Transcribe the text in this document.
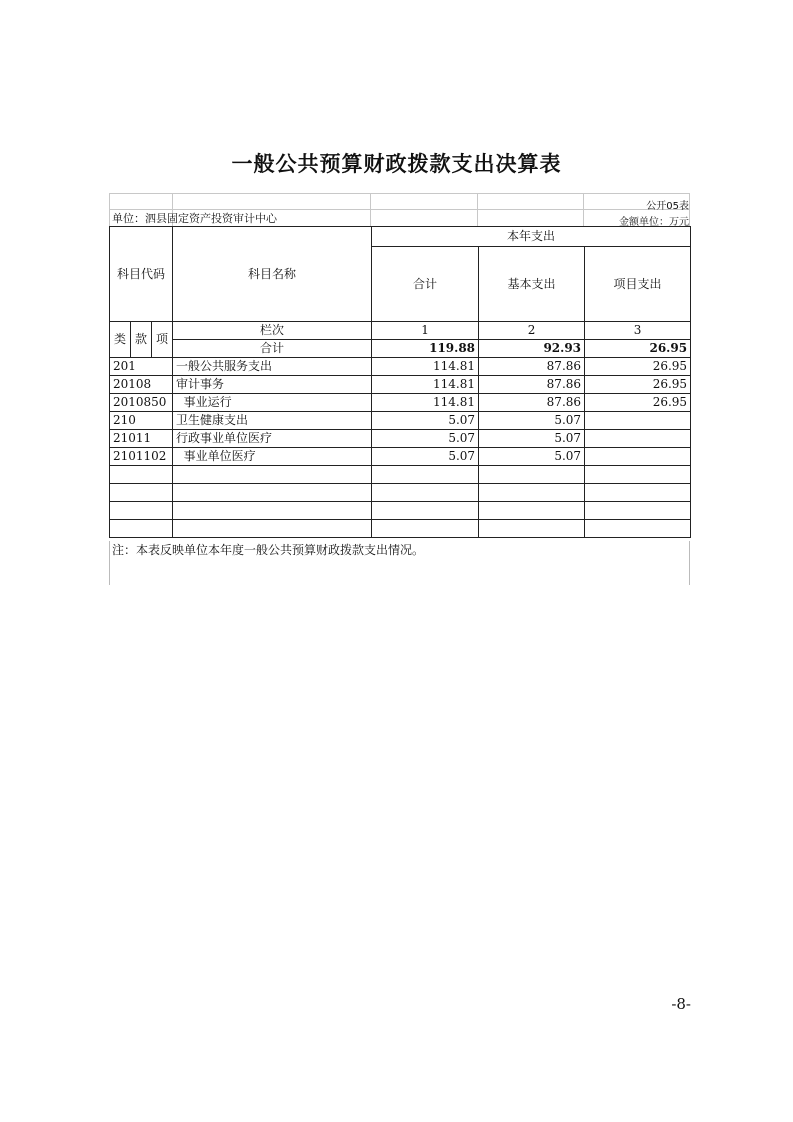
一般公共预算财政拨款支出决算表
公开05表
单位：泗县固定资产投资审计中心	金额单位：万元
科目代码			科目名称	本年支出		
				合计	基本支出	项目支出
类	款	项	栏次	1	2	3
			合计	119.88	92.93	26.95
201			一般公共服务支出	114.81	87.86	26.95
20108			审计事务	114.81	87.86	26.95
2010850			事业运行	114.81	87.86	26.95
210			卫生健康支出	5.07	5.07	
21011			行政事业单位医疗	5.07	5.07	
2101102			事业单位医疗	5.07	5.07	

注：本表反映单位本年度一般公共预算财政拨款支出情况。
-8-
